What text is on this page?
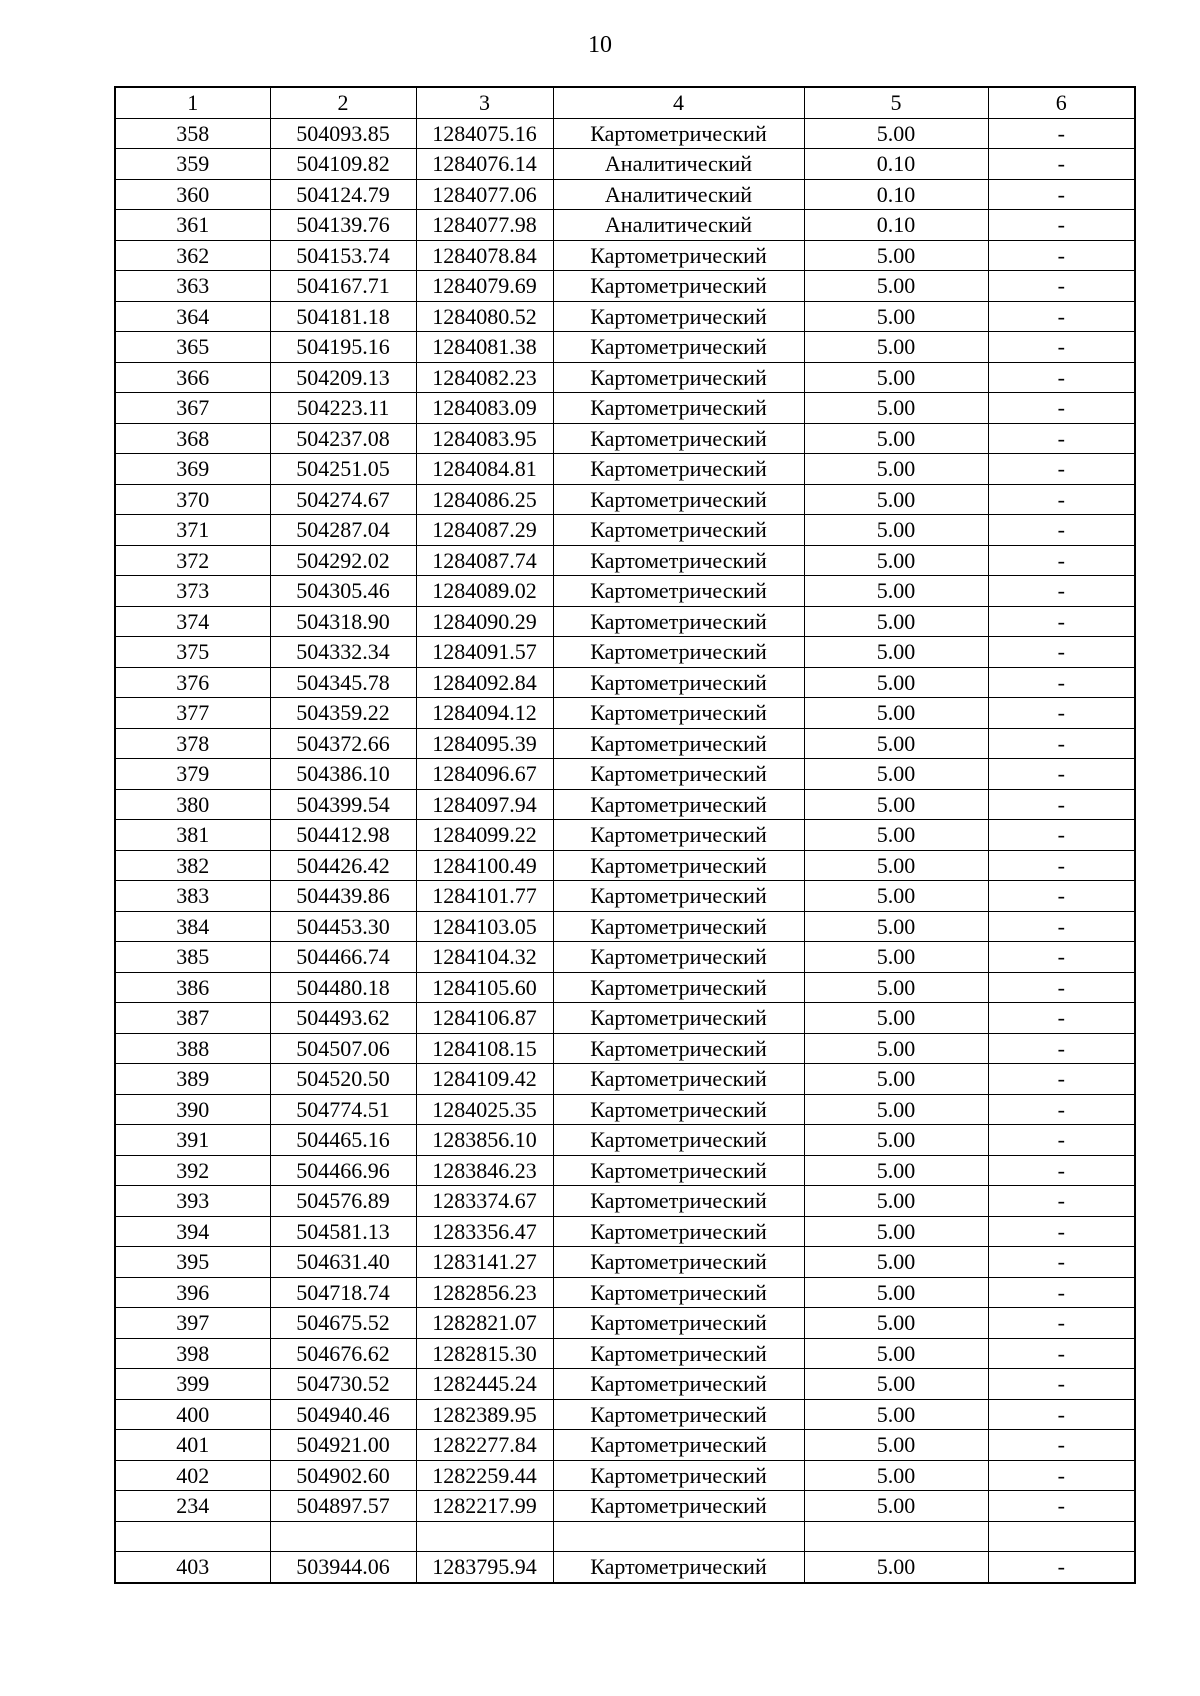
10
1	2	3	4	5	6
358	504093.85	1284075.16	Картометрический	5.00	-
359	504109.82	1284076.14	Аналитический	0.10	-
360	504124.79	1284077.06	Аналитический	0.10	-
361	504139.76	1284077.98	Аналитический	0.10	-
362	504153.74	1284078.84	Картометрический	5.00	-
363	504167.71	1284079.69	Картометрический	5.00	-
364	504181.18	1284080.52	Картометрический	5.00	-
365	504195.16	1284081.38	Картометрический	5.00	-
366	504209.13	1284082.23	Картометрический	5.00	-
367	504223.11	1284083.09	Картометрический	5.00	-
368	504237.08	1284083.95	Картометрический	5.00	-
369	504251.05	1284084.81	Картометрический	5.00	-
370	504274.67	1284086.25	Картометрический	5.00	-
371	504287.04	1284087.29	Картометрический	5.00	-
372	504292.02	1284087.74	Картометрический	5.00	-
373	504305.46	1284089.02	Картометрический	5.00	-
374	504318.90	1284090.29	Картометрический	5.00	-
375	504332.34	1284091.57	Картометрический	5.00	-
376	504345.78	1284092.84	Картометрический	5.00	-
377	504359.22	1284094.12	Картометрический	5.00	-
378	504372.66	1284095.39	Картометрический	5.00	-
379	504386.10	1284096.67	Картометрический	5.00	-
380	504399.54	1284097.94	Картометрический	5.00	-
381	504412.98	1284099.22	Картометрический	5.00	-
382	504426.42	1284100.49	Картометрический	5.00	-
383	504439.86	1284101.77	Картометрический	5.00	-
384	504453.30	1284103.05	Картометрический	5.00	-
385	504466.74	1284104.32	Картометрический	5.00	-
386	504480.18	1284105.60	Картометрический	5.00	-
387	504493.62	1284106.87	Картометрический	5.00	-
388	504507.06	1284108.15	Картометрический	5.00	-
389	504520.50	1284109.42	Картометрический	5.00	-
390	504774.51	1284025.35	Картометрический	5.00	-
391	504465.16	1283856.10	Картометрический	5.00	-
392	504466.96	1283846.23	Картометрический	5.00	-
393	504576.89	1283374.67	Картометрический	5.00	-
394	504581.13	1283356.47	Картометрический	5.00	-
395	504631.40	1283141.27	Картометрический	5.00	-
396	504718.74	1282856.23	Картометрический	5.00	-
397	504675.52	1282821.07	Картометрический	5.00	-
398	504676.62	1282815.30	Картометрический	5.00	-
399	504730.52	1282445.24	Картометрический	5.00	-
400	504940.46	1282389.95	Картометрический	5.00	-
401	504921.00	1282277.84	Картометрический	5.00	-
402	504902.60	1282259.44	Картометрический	5.00	-
234	504897.57	1282217.99	Картометрический	5.00	-

403	503944.06	1283795.94	Картометрический	5.00	-
